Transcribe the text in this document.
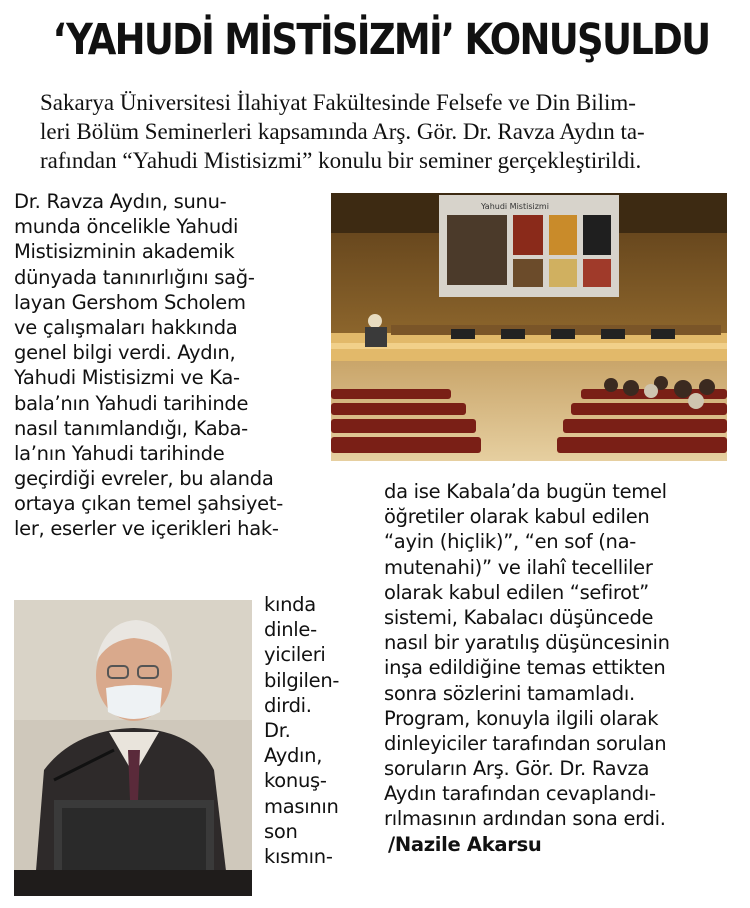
‘YAHUDİ MİSTİSİZMİ’ KONUŞULDU
Sakarya Üniversitesi İlahiyat Fakültesinde Felsefe ve Din Bilim-
leri Bölüm Seminerleri kapsamında Arş. Gör. Dr. Ravza Aydın ta-
rafından “Yahudi Mistisizmi” konulu bir seminer gerçekleştirildi.
Yahudi Mistisizmi
Dr. Ravza Aydın, sunu-
munda öncelikle Yahudi
Mistisizminin akademik
dünyada tanınırlığını sağ-
layan Gershom Scholem
ve çalışmaları hakkında
genel bilgi verdi. Aydın,
Yahudi Mistisizmi ve Ka-
bala’nın Yahudi tarihinde
nasıl tanımlandığı, Kaba-
la’nın Yahudi tarihinde
geçirdiği evreler, bu alanda
ortaya çıkan temel şahsiyet-
ler, eserler ve içerikleri hak-
kında
dinle-
yicileri
bilgilen-
dirdi.
Dr.
Aydın,
konuş-
masının
son
kısmın-
da ise Kabala’da bugün temel
öğretiler olarak kabul edilen
“ayin (hiçlik)”, “en sof (na-
mutenahi)” ve ilahî tecelliler
olarak kabul edilen “sefirot”
sistemi, Kabalacı düşüncede
nasıl bir yaratılış düşüncesinin
inşa edildiğine temas ettikten
sonra sözlerini tamamladı.
Program, konuyla ilgili olarak
dinleyiciler tarafından sorulan
soruların Arş. Gör. Dr. Ravza
Aydın tarafından cevaplandı-
rılmasının ardından sona erdi.
/Nazile Akarsu
